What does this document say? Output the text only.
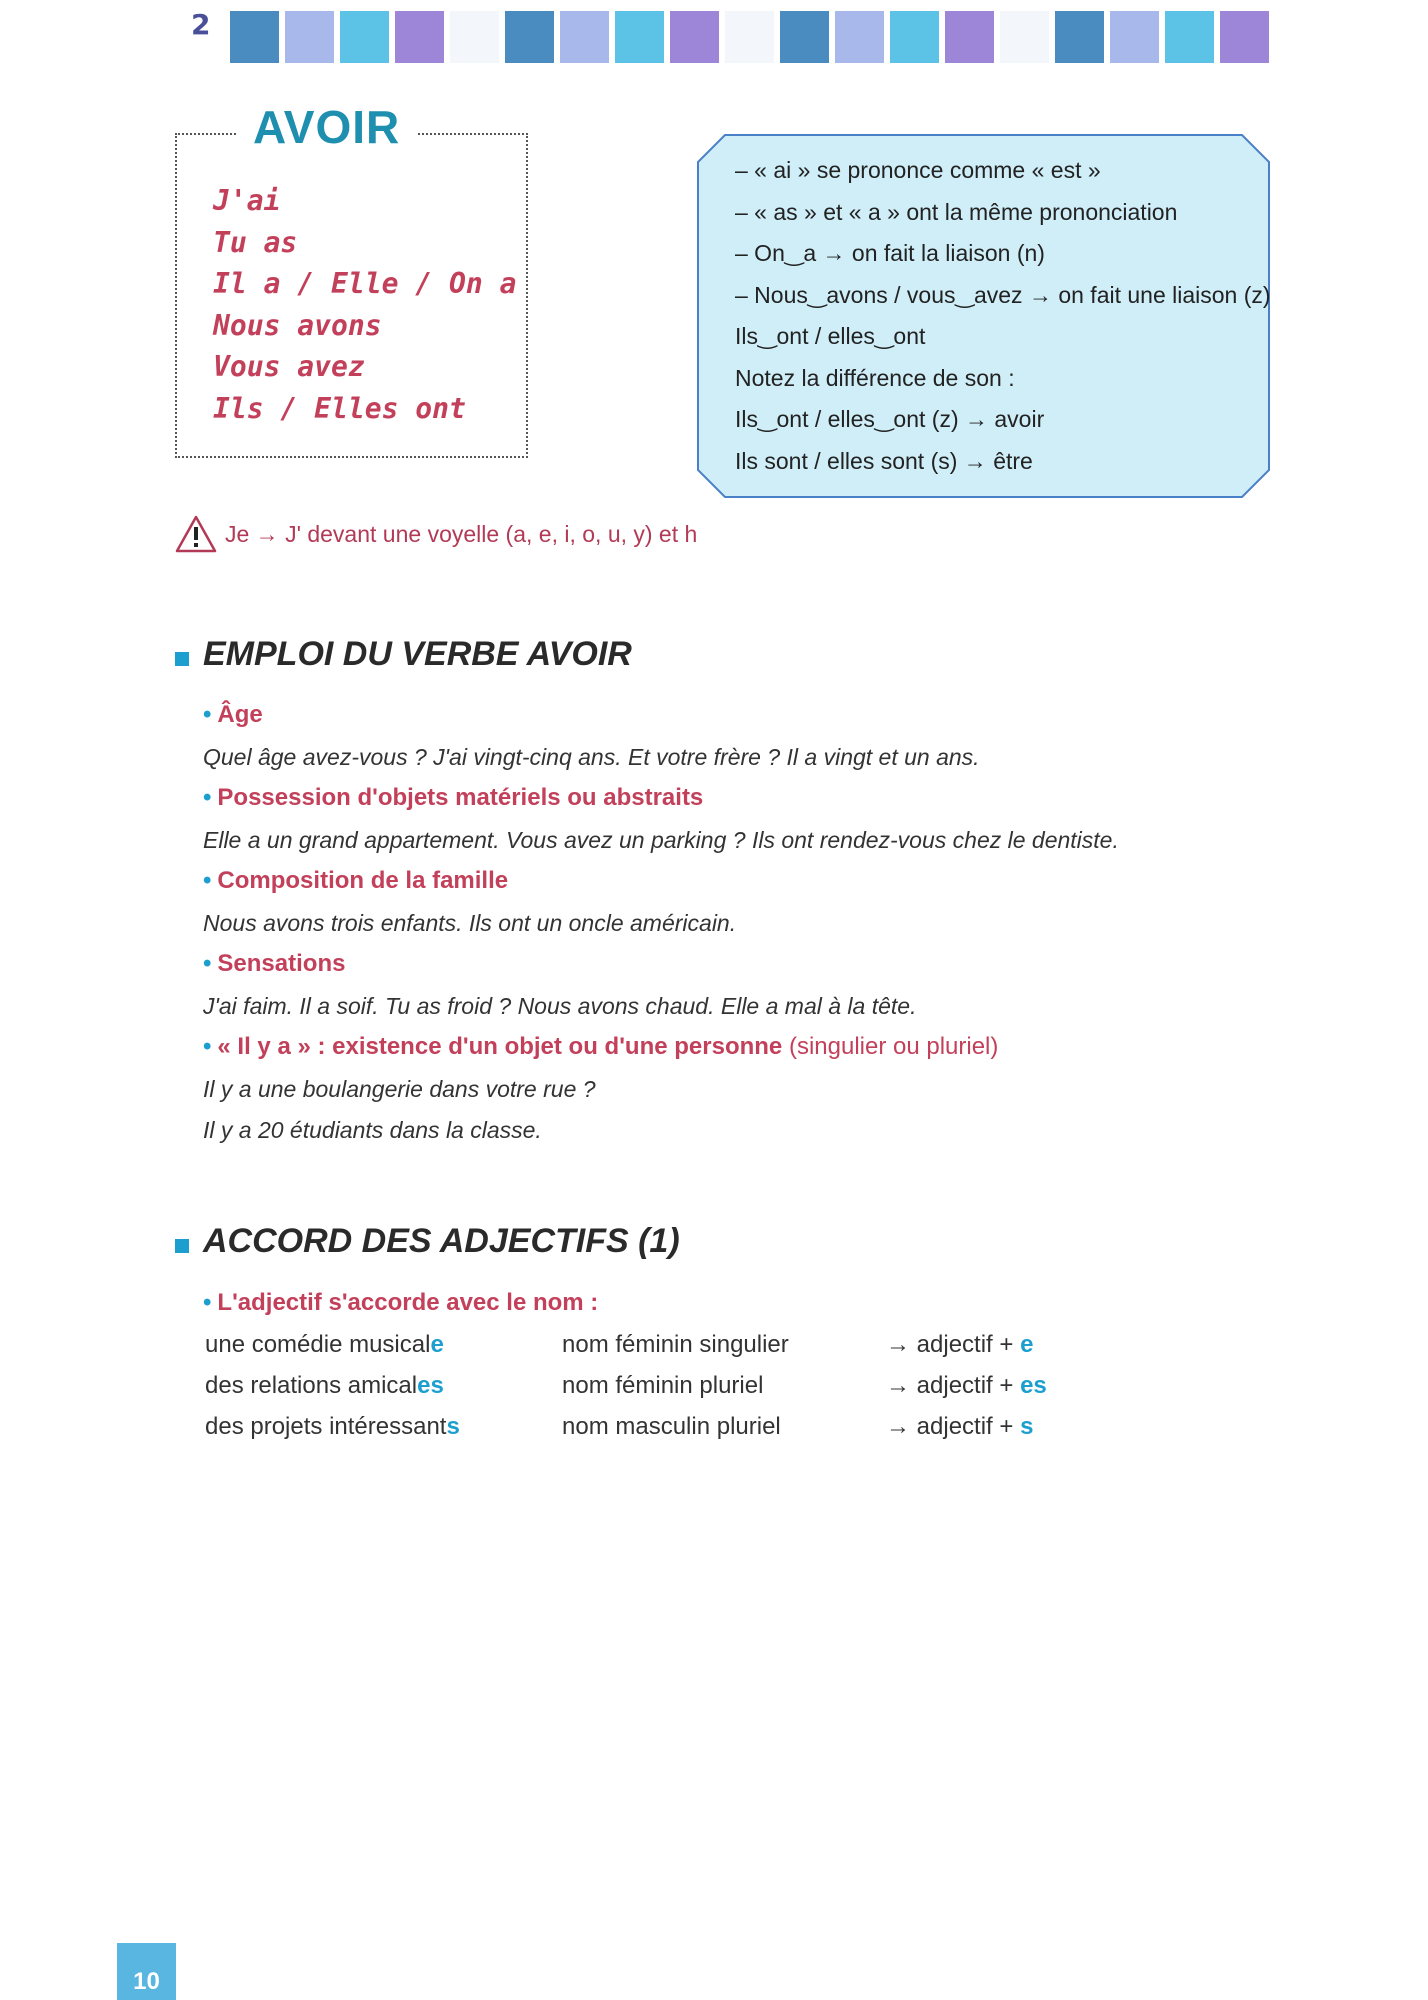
2
AVOIR
J'ai
Tu as
Il a / Elle / On a
Nous avons
Vous avez
Ils / Elles ont
– « ai » se prononce comme « est »
– « as » et « a » ont la même prononciation
– On‿a → on fait la liaison (n)
– Nous‿avons / vous‿avez → on fait une liaison (z)
Ils‿ont / elles‿ont
Notez la différence de son :
Ils‿ont / elles‿ont (z) → avoir
Ils sont / elles sont (s) → être
Je → J' devant une voyelle (a, e, i, o, u, y) et h
EMPLOI DU VERBE AVOIR
• Âge
Quel âge avez-vous ? J'ai vingt-cinq ans. Et votre frère ? Il a vingt et un ans.
• Possession d'objets matériels ou abstraits
Elle a un grand appartement. Vous avez un parking ? Ils ont rendez-vous chez le dentiste.
• Composition de la famille
Nous avons trois enfants. Ils ont un oncle américain.
• Sensations
J'ai faim. Il a soif. Tu as froid ? Nous avons chaud. Elle a mal à la tête.
• « Il y a » : existence d'un objet ou d'une personne (singulier ou pluriel)
Il y a une boulangerie dans votre rue ?
Il y a 20 étudiants dans la classe.
ACCORD DES ADJECTIFS (1)
• L'adjectif s'accorde avec le nom :
une comédie musicale	nom féminin singulier	→ adjectif + e
des relations amicales	nom féminin pluriel	→ adjectif + es
des projets intéressants	nom masculin pluriel	→ adjectif + s
10
